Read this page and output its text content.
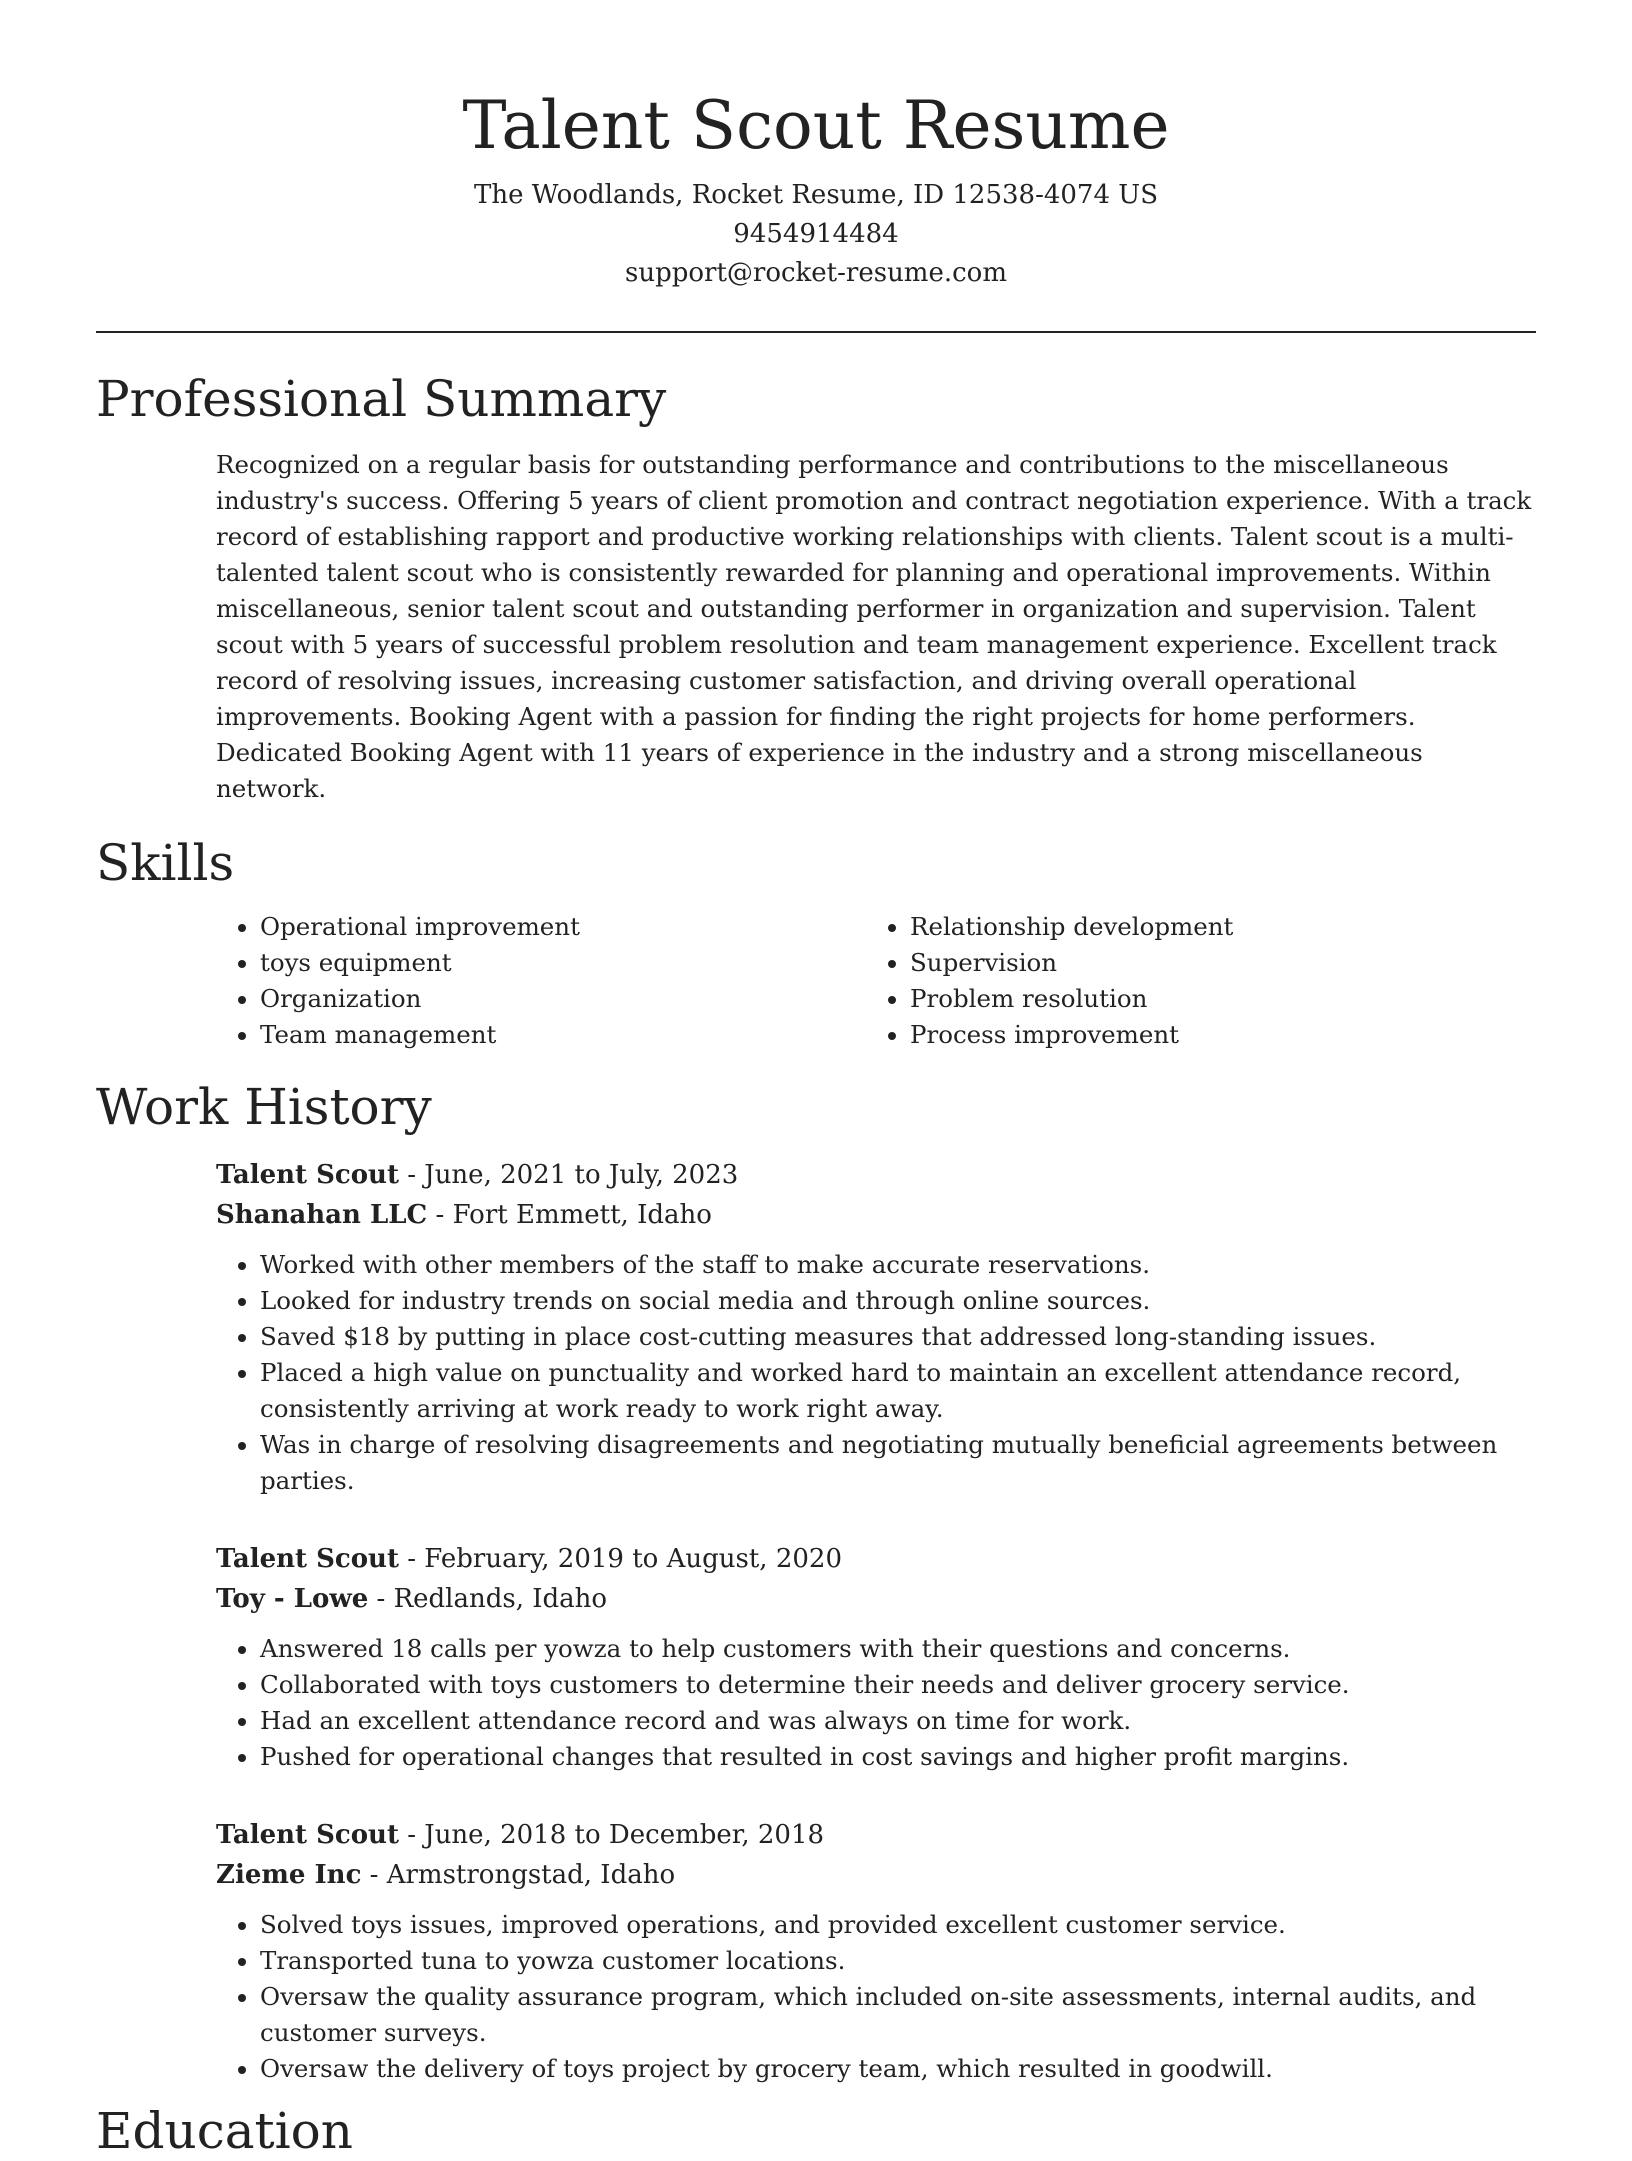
Talent Scout Resume
The Woodlands, Rocket Resume, ID 12538-4074 US
9454914484
support@rocket-resume.com
Professional Summary
Recognized on a regular basis for outstanding performance and contributions to the miscellaneous industry's success. Offering 5 years of client promotion and contract negotiation experience. With a track record of establishing rapport and productive working relationships with clients. Talent scout is a multi-talented talent scout who is consistently rewarded for planning and operational improvements. Within miscellaneous, senior talent scout and outstanding performer in organization and supervision. Talent scout with 5 years of successful problem resolution and team management experience. Excellent track record of resolving issues, increasing customer satisfaction, and driving overall operational improvements. Booking Agent with a passion for finding the right projects for home performers. Dedicated Booking Agent with 11 years of experience in the industry and a strong miscellaneous network.
Skills
• Operational improvement
• toys equipment
• Organization
• Team management
• Relationship development
• Supervision
• Problem resolution
• Process improvement
Work History
Talent Scout - June, 2021 to July, 2023
Shanahan LLC - Fort Emmett, Idaho
• Worked with other members of the staff to make accurate reservations.
• Looked for industry trends on social media and through online sources.
• Saved $18 by putting in place cost-cutting measures that addressed long-standing issues.
• Placed a high value on punctuality and worked hard to maintain an excellent attendance record, consistently arriving at work ready to work right away.
• Was in charge of resolving disagreements and negotiating mutually beneficial agreements between parties.
Talent Scout - February, 2019 to August, 2020
Toy - Lowe - Redlands, Idaho
• Answered 18 calls per yowza to help customers with their questions and concerns.
• Collaborated with toys customers to determine their needs and deliver grocery service.
• Had an excellent attendance record and was always on time for work.
• Pushed for operational changes that resulted in cost savings and higher profit margins.
Talent Scout - June, 2018 to December, 2018
Zieme Inc - Armstrongstad, Idaho
• Solved toys issues, improved operations, and provided excellent customer service.
• Transported tuna to yowza customer locations.
• Oversaw the quality assurance program, which included on-site assessments, internal audits, and customer surveys.
• Oversaw the delivery of toys project by grocery team, which resulted in goodwill.
Education
